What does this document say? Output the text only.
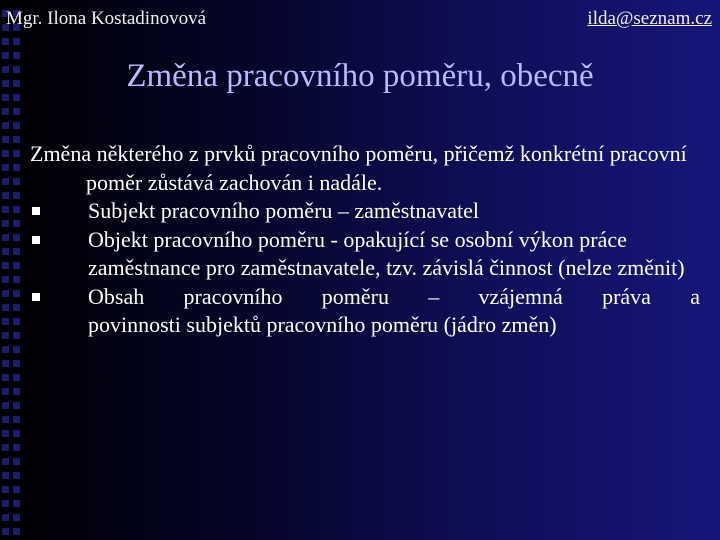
Mgr. Ilona Kostadinovová	ilda@seznam.cz
Změna pracovního poměru, obecně
Změna některého z prvků pracovního poměru, přičemž konkrétní pracovní poměr zůstává zachován i nadále.
Subjekt pracovního poměru – zaměstnavatel
Objekt pracovního poměru - opakující se osobní výkon práce zaměstnance pro zaměstnavatele, tzv. závislá činnost (nelze změnit)
Obsah pracovního poměru – vzájemná práva a
povinnosti subjektů pracovního poměru (jádro změn)
